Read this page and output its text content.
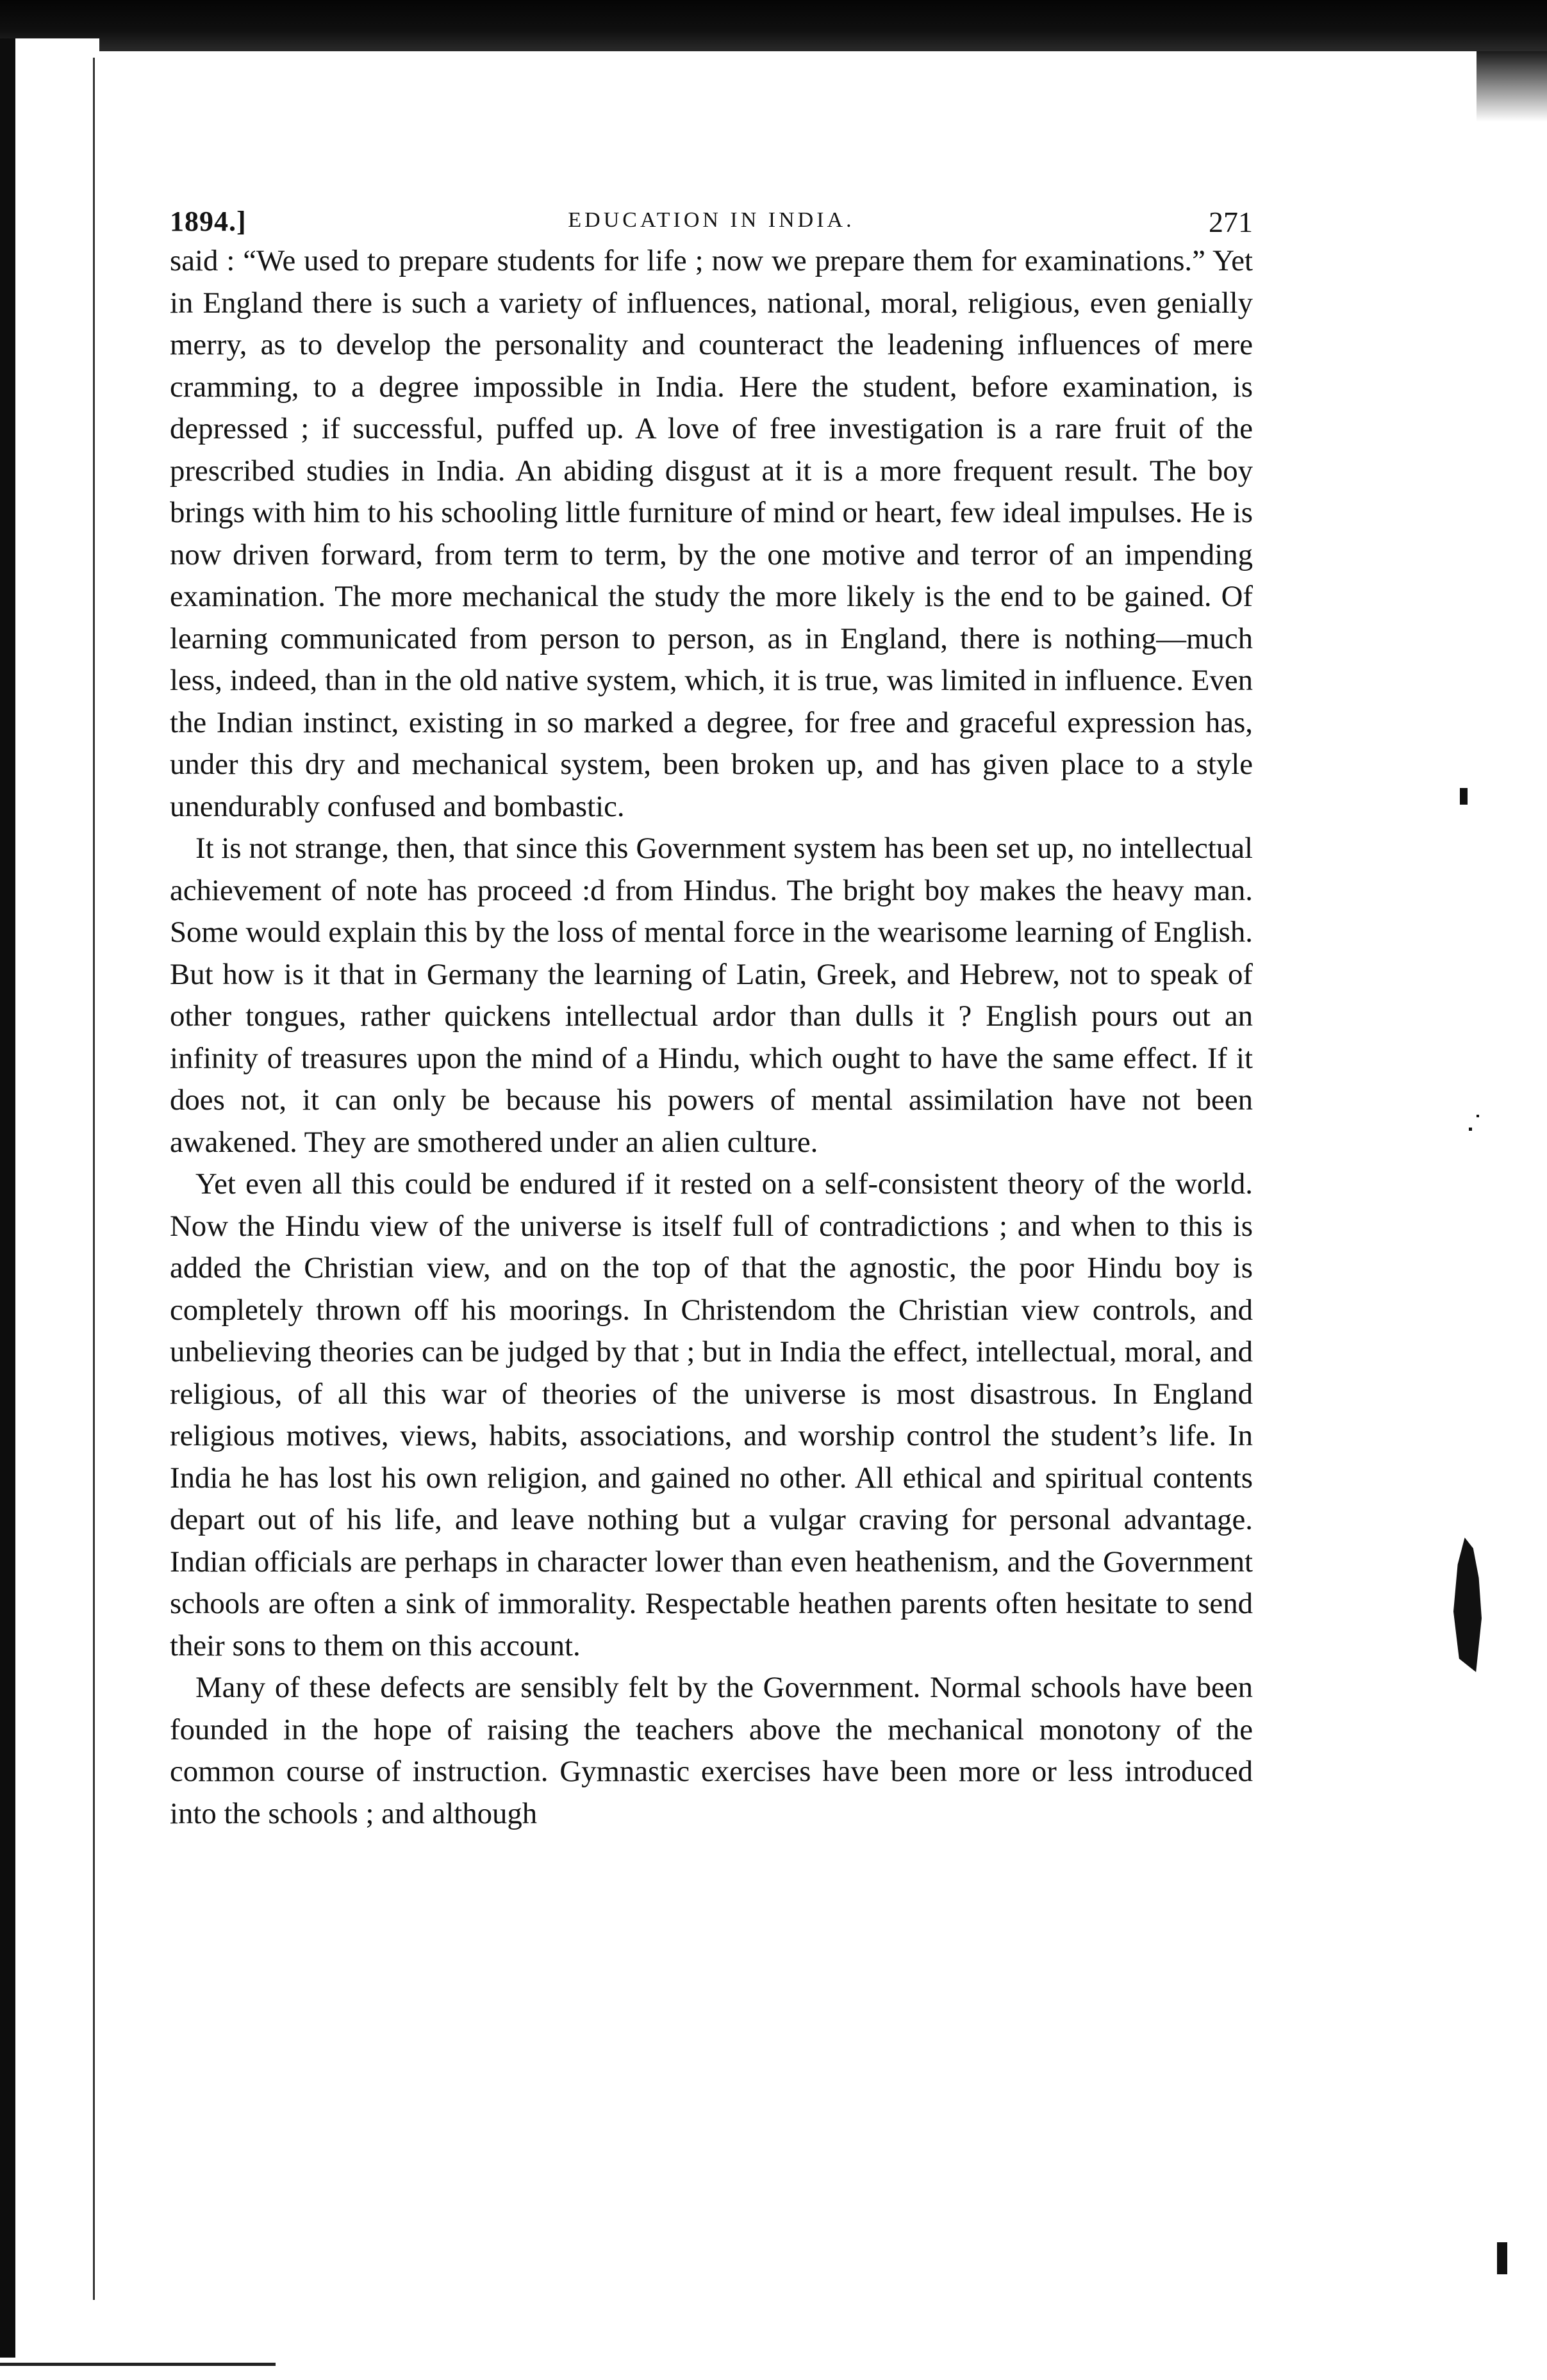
1894.]	EDUCATION IN INDIA.	271

said : “We used to prepare students for life ; now we prepare them for examinations.” Yet in England there is such a variety of influences, national, moral, religious, even genially merry, as to develop the personality and counteract the leadening influences of mere cramming, to a degree impossible in India. Here the student, before examination, is depressed ; if successful, puffed up. A love of free investigation is a rare fruit of the prescribed studies in India. An abiding disgust at it is a more frequent result. The boy brings with him to his schooling little furniture of mind or heart, few ideal impulses. He is now driven forward, from term to term, by the one motive and terror of an impending examination. The more mechanical the study the more likely is the end to be gained. Of learning communicated from person to person, as in England, there is nothing—much less, indeed, than in the old native system, which, it is true, was limited in influence. Even the Indian instinct, existing in so marked a degree, for free and graceful expression has, under this dry and mechanical system, been broken up, and has given place to a style unendurably confused and bombastic.

It is not strange, then, that since this Government system has been set up, no intellectual achievement of note has proceed :d from Hindus. The bright boy makes the heavy man. Some would explain this by the loss of mental force in the wearisome learning of English. But how is it that in Germany the learning of Latin, Greek, and Hebrew, not to speak of other tongues, rather quickens intellectual ardor than dulls it ? English pours out an infinity of treasures upon the mind of a Hindu, which ought to have the same effect. If it does not, it can only be because his powers of mental assimilation have not been awakened. They are smothered under an alien culture.

Yet even all this could be endured if it rested on a self-consistent theory of the world. Now the Hindu view of the universe is itself full of contradictions ; and when to this is added the Christian view, and on the top of that the agnostic, the poor Hindu boy is completely thrown off his moorings. In Christendom the Christian view controls, and unbelieving theories can be judged by that ; but in India the effect, intellectual, moral, and religious, of all this war of theories of the universe is most disastrous. In England religious motives, views, habits, associations, and worship control the student’s life. In India he has lost his own religion, and gained no other. All ethical and spiritual contents depart out of his life, and leave nothing but a vulgar craving for personal advantage. Indian officials are perhaps in character lower than even heathenism, and the Government schools are often a sink of immorality. Respectable heathen parents often hesitate to send their sons to them on this account.

Many of these defects are sensibly felt by the Government. Normal schools have been founded in the hope of raising the teachers above the mechanical monotony of the common course of instruction. Gymnastic exercises have been more or less introduced into the schools ; and although
